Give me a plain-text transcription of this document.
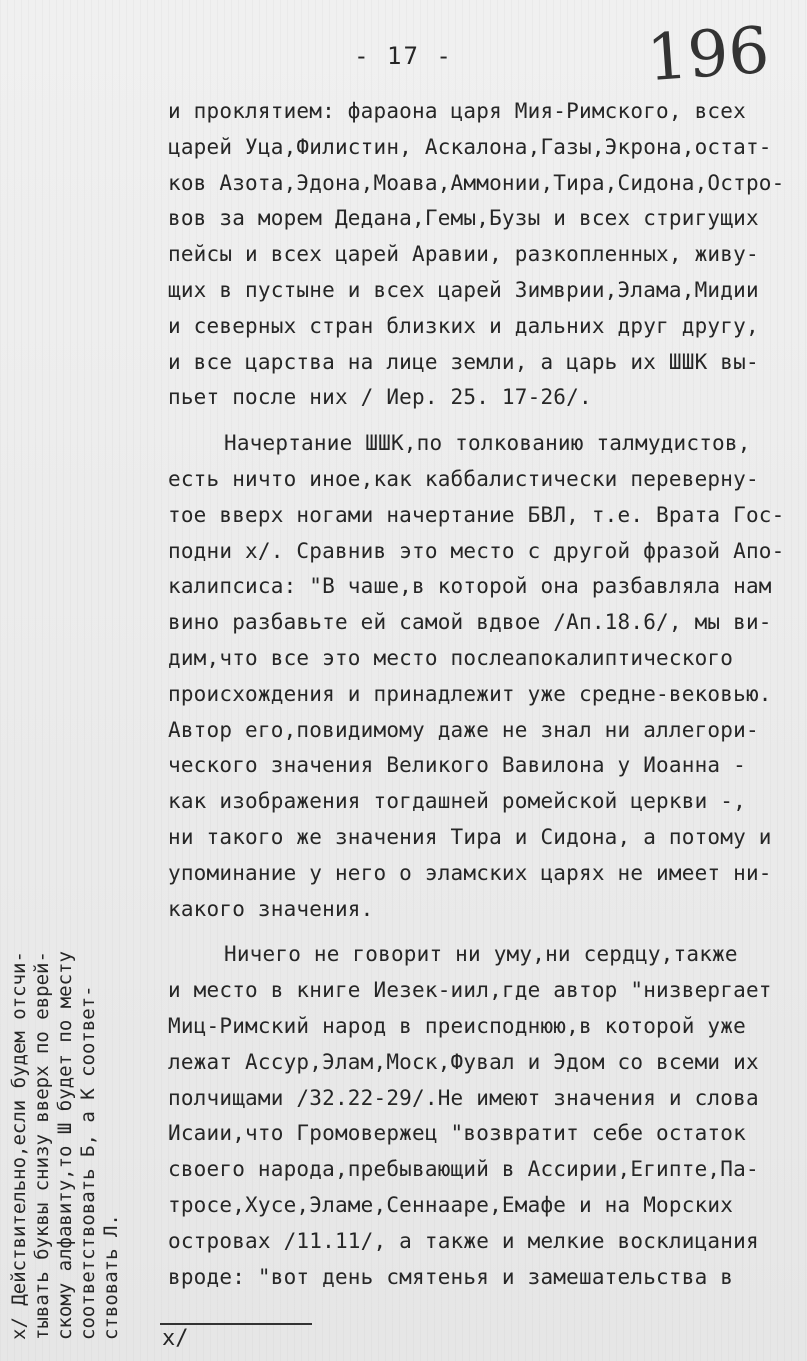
- 17 -	196
и проклятием: фараона царя Мия-Римского, всех
царей Уца,Филистин, Аскалона,Газы,Экрона,остат-
ков Азота,Эдона,Моава,Аммонии,Тира,Сидона,Остро-
вов за морем Дедана,Гемы,Бузы и всех стригущих
пейсы и всех царей Аравии, разкопленных, живу-
щих в пустыне и всех царей Зимврии,Элама,Мидии
и северных стран близких и дальних друг другу,
и все царства на лице земли, а царь их ШШК вы-
пьет после них / Иер. 25. 17-26/.
Начертание ШШК,по толкованию талмудистов,
есть ничто иное,как каббалистически переверну-
тое вверх ногами начертание БВЛ, т.е. Врата Гос-
подни х/. Сравнив это место с другой фразой Апо-
калипсиса: "В чаше,в которой она разбавляла нам
вино разбавьте ей самой вдвое /Ап.18.6/, мы ви-
дим,что все это место послеапокалиптического
происхождения и принадлежит уже средне-вековью.
Автор его,повидимому даже не знал ни аллегори-
ческого значения Великого Вавилона у Иоанна -
как изображения тогдашней ромейской церкви -,
ни такого же значения Тира и Сидона, а потому и
упоминание у него о эламских царях не имеет ни-
какого значения.
Ничего не говорит ни уму,ни сердцу,также
и место в книге Иезек-иил,где автор "низвергает
Миц-Римский народ в преисподнюю,в которой уже
лежат Ассур,Элам,Моск,Фувал и Эдом со всеми их
полчищами /32.22-29/.Не имеют значения и слова
Исаии,что Громовержец "возвратит себе остаток
своего народа,пребывающий в Ассирии,Египте,Па-
тросе,Хусе,Эламе,Сеннааре,Емафе и на Морских
островах /11.11/, а также и мелкие восклицания
вроде: "вот день смятенья и замешательства в
х/
х/ Действительно,если будем отсчи- тывать буквы снизу вверх по еврей- скому алфавиту,то Ш будет по месту соответствовать Б, а К соответ- ствовать Л.
